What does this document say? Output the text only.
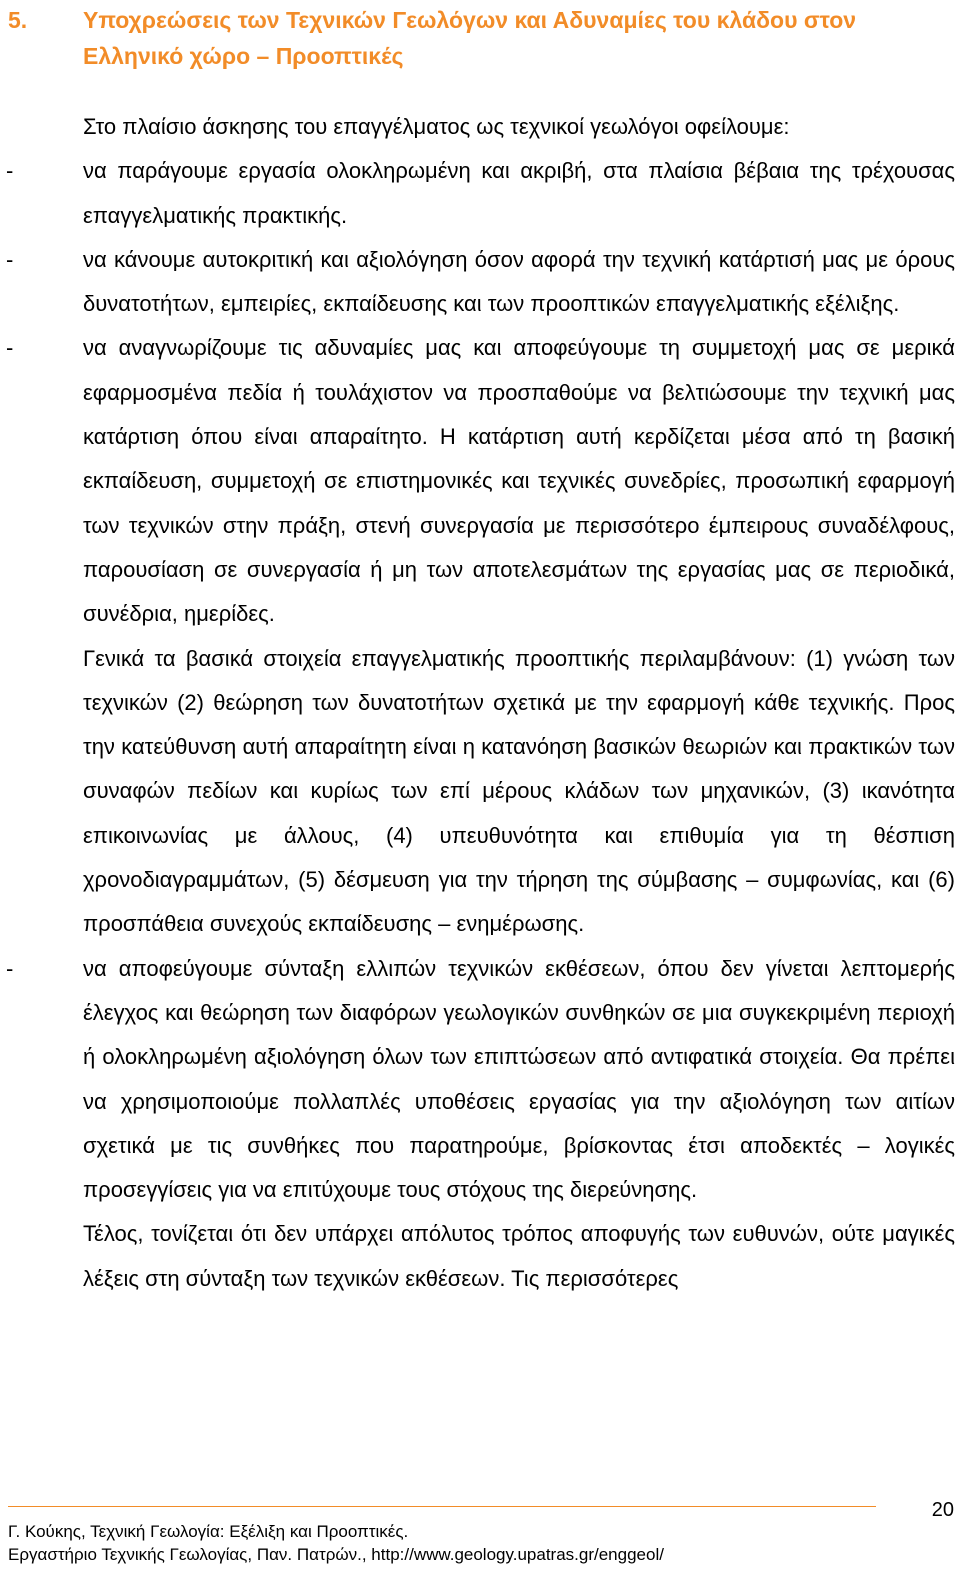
5. Υποχρεώσεις των Τεχνικών Γεωλόγων και Αδυναμίες του κλάδου στον
Ελληνικό χώρο – Προοπτικές

Στο πλαίσιο άσκησης του επαγγέλματος ως τεχνικοί γεωλόγοι οφείλουμε:

- να παράγουμε εργασία ολοκληρωμένη και ακριβή, στα πλαίσια βέβαια της τρέχουσας επαγγελματικής πρακτικής.

- να κάνουμε αυτοκριτική και αξιολόγηση όσον αφορά την τεχνική κατάρτισή μας με όρους δυνατοτήτων, εμπειρίες, εκπαίδευσης και των προοπτικών επαγγελματικής εξέλιξης.

- να αναγνωρίζουμε τις αδυναμίες μας και αποφεύγουμε τη συμμετοχή μας σε μερικά εφαρμοσμένα πεδία ή τουλάχιστον να προσπαθούμε να βελτιώσουμε την τεχνική μας κατάρτιση όπου είναι απαραίτητο. Η κατάρτιση αυτή κερδίζεται μέσα από τη βασική εκπαίδευση, συμμετοχή σε επιστημονικές και τεχνικές συνεδρίες, προσωπική εφαρμογή των τεχνικών στην πράξη, στενή συνεργασία με περισσότερο έμπειρους συναδέλφους, παρουσίαση σε συνεργασία ή μη των αποτελεσμάτων της εργασίας μας σε περιοδικά, συνέδρια, ημερίδες.

Γενικά τα βασικά στοιχεία επαγγελματικής προοπτικής περιλαμβάνουν: (1) γνώση των τεχνικών (2) θεώρηση των δυνατοτήτων σχετικά με την εφαρμογή κάθε τεχνικής. Προς την κατεύθυνση αυτή απαραίτητη είναι η κατανόηση βασικών θεωριών και πρακτικών των συναφών πεδίων και κυρίως των επί μέρους κλάδων των μηχανικών, (3) ικανότητα επικοινωνίας με άλλους, (4) υπευθυνότητα και επιθυμία για τη θέσπιση χρονοδιαγραμμάτων, (5) δέσμευση για την τήρηση της σύμβασης – συμφωνίας, και (6) προσπάθεια συνεχούς εκπαίδευσης – ενημέρωσης.

- να αποφεύγουμε σύνταξη ελλιπών τεχνικών εκθέσεων, όπου δεν γίνεται λεπτομερής έλεγχος και θεώρηση των διαφόρων γεωλογικών συνθηκών σε μια συγκεκριμένη περιοχή ή ολοκληρωμένη αξιολόγηση όλων των επιπτώσεων από αντιφατικά στοιχεία. Θα πρέπει να χρησιμοποιούμε πολλαπλές υποθέσεις εργασίας για την αξιολόγηση των αιτίων σχετικά με τις συνθήκες που παρατηρούμε, βρίσκοντας έτσι αποδεκτές – λογικές προσεγγίσεις για να επιτύχουμε τους στόχους της διερεύνησης.

Τέλος, τονίζεται ότι δεν υπάρχει απόλυτος τρόπος αποφυγής των ευθυνών, ούτε μαγικές λέξεις στη σύνταξη των τεχνικών εκθέσεων. Τις περισσότερες

20
Γ. Κούκης, Τεχνική Γεωλογία: Εξέλιξη και Προοπτικές.
Εργαστήριο Τεχνικής Γεωλογίας, Παν. Πατρών., http://www.geology.upatras.gr/enggeol/
